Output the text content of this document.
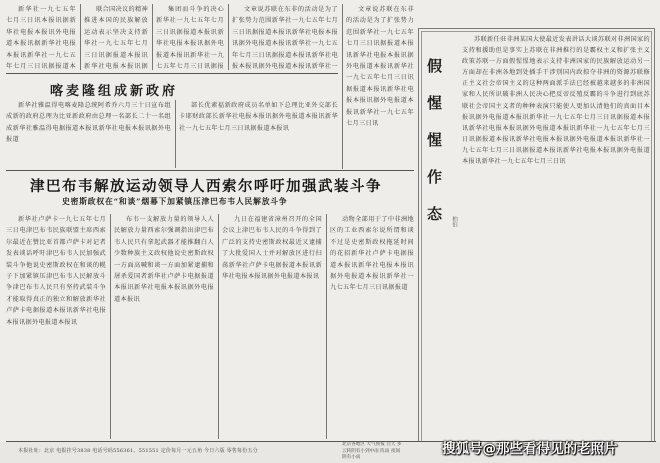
新华社一九七五年七月三日讯本报讯据新华社电报本报讯外电报道本报讯据新华社电报本报讯新华社一九七五年七月三日讯据报道本

联合国决议的精神推进本国的民族解放运动表示坚决支持新华社一九七五年七月三日讯据报道本报讯新华社电报本报讯据

集团而斗争的决心新华社一九七五年七月三日讯据报道本报讯新华社电报本报讯据外电报道本报讯新华社一九七五年七月三日讯据报

文章说苏联在东非的活动是为了扩张势力范围新华社一九七五年七月三日讯据报道本报讯新华社电报本报讯据外电报道本报讯新华社一九七五年七月三日讯据报道本报讯新华社电报本报讯据外电报道本报讯新华社一

文章说苏联在东非的活动是为了扩张势力范围新华社一九七五年七月三日讯据报道本报讯新华社电报本报讯据外电报道本报讯新华社一九七五年七月三日讯据报道本报讯新华社电报本报讯据外电报道本报讯新华社一九七五年七月三日讯

喀麦隆组成新政府

新华社雅温得电喀麦隆总统阿希乔六月三十日宣布组成新的政府总理为比亚新政府由总理一名部长二十一名组成新华社雅温得电据报道本报讯新华社电报本报讯据外电报道

部长优素福新政府成员名单如下总理比亚外交部长卡耶财政部长新华社电报本报讯据外电报道本报讯新华社一九七五年七月三日讯据报道本报讯

津巴布韦解放运动领导人西索尔呼吁加强武装斗争
史密斯政权在“和谈”烟幕下加紧镇压津巴布韦人民解放斗争

新华社卢萨卡一九七五年七月三日电津巴布韦民族联盟主席西索尔最近在赞比亚首都卢萨卡对记者发表谈话呼吁津巴布韦人民加强武装斗争他说史密斯政权在和谈的幌子下加紧镇压津巴布韦人民解放斗争津巴布韦人民只有坚持武装斗争才能取得真正的独立和解放新华社卢萨卡电据报道本报讯新华社电报本报讯据外电报道本报讯

布韦一支解放力量的领导人人民解放力量西索尔强调指出津巴布韦人民只有拿起武器才能推翻白人少数种族主义政权他说史密斯政权一方面高喊和谈一方面加紧逮捕和屠杀爱国者新华社卢萨卡电据报道本报讯新华社电报本报讯据外电报道本报讯

九日在福建省漳州召开的全国会议上津巴布韦人民的斗争得到了广泛的支持史密斯政权最近又逮捕了大批爱国人士并对解放区进行扫荡新华社卢萨卡电据报道本报讯新华社电报本报讯据外电报道本报讯

动物全部用于了中非洲地区的工业西索尔说所谓和谈不过是史密斯政权拖延时间的花招新华社卢萨卡电据报道本报讯新华社电报本报讯据外电报道本报讯新华社一九七五年七月三日讯据报道

假惺惺作态	柏伯

苏联新任驻非洲某国大使最近发表讲话大谈苏联对非洲国家的支持和援助但是事实上苏联在非洲推行的是霸权主义和扩张主义政策苏联一方面假惺惺地表示支持非洲国家的民族解放运动另一方面却在非洲各地到处插手干涉别国内政掠夺非洲的资源苏联修正主义社会帝国主义的这种两面派手法已经被越来越多的非洲国家和人民所识破非洲人民决心把反帝反殖反霸的斗争进行到底苏联社会帝国主义者的种种表演只能使人更加认清他们的真面目本报讯据外电报道本报讯新华社一九七五年七月三日讯据报道本报讯新华社电报本报讯据外电报道本报讯新华社一九七五年七月三日讯据报道本报讯新华社电报本报讯据外电报道本报讯新华社一九七五年七月三日讯据报道本报讯新华社电报本报讯据外电报道本报讯新华社一九七五年七月三日讯

本报社址：北京 电报挂号3838 电话号码556361、551551 定价每月一元五角 今日六版 零售每份五分
北京各地区 天气预报 白天 多云转阴有小到中雨 阵雨 夜间 阴有小雨
搜狐号@那些看得见的老照片
